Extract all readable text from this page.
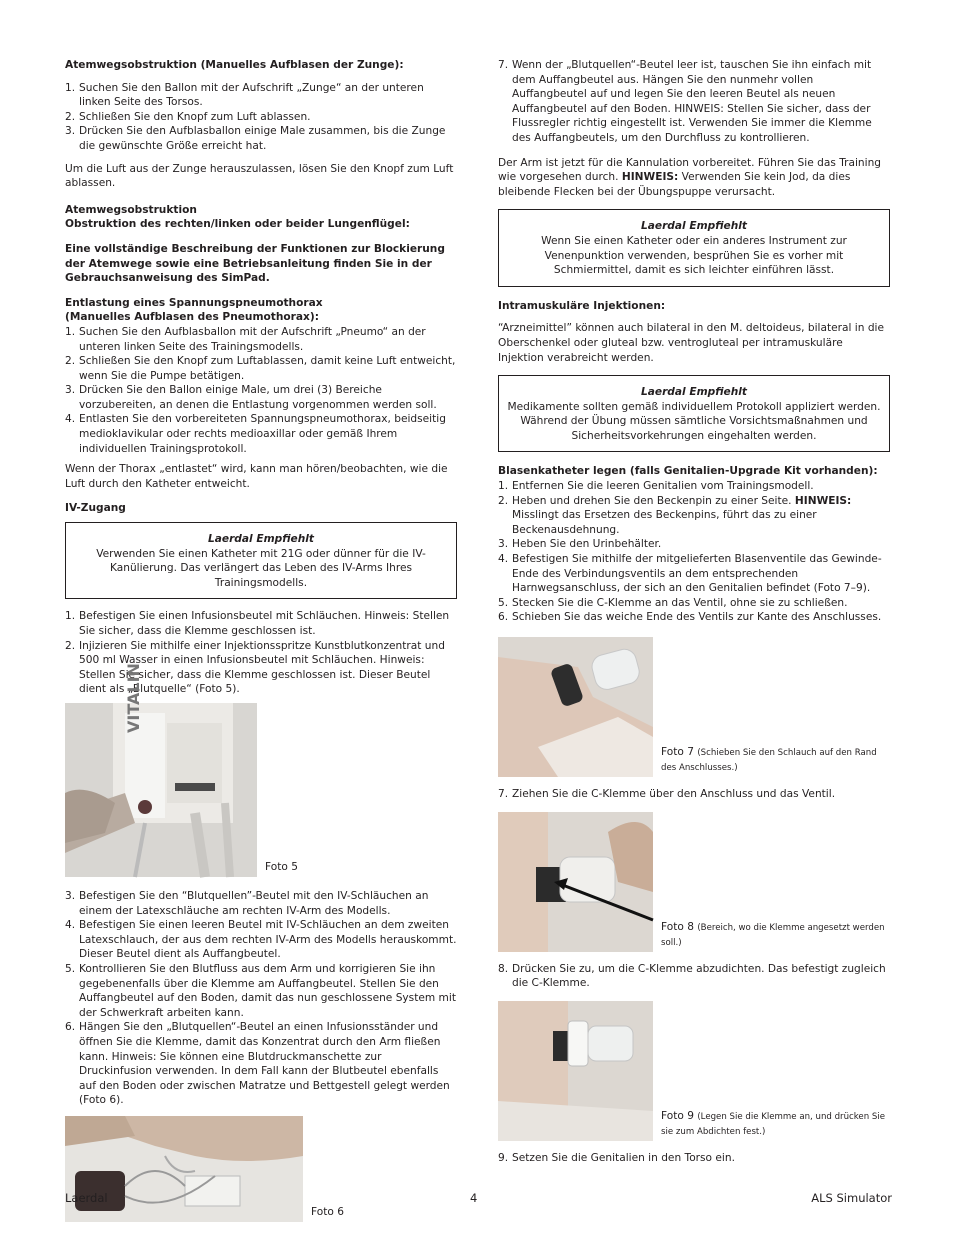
Atemwegsobstruktion (Manuelles Aufblasen der Zunge):

1. Suchen Sie den Ballon mit der Aufschrift „Zunge“ an der unteren linken Seite des Torsos.
2. Schließen Sie den Knopf zum Luft ablassen.
3. Drücken Sie den Aufblasballon einige Male zusammen, bis die Zunge die gewünschte Größe erreicht hat.

Um die Luft aus der Zunge herauszulassen, lösen Sie den Knopf zum Luft ablassen.

Atemwegsobstruktion

Obstruktion des rechten/linken oder beider Lungenflügel:

Eine vollständige Beschreibung der Funktionen zur Blockierung der Atemwege sowie eine Betriebsanleitung finden Sie in der Gebrauchsanweisung des SimPad.

Entlastung eines Spannungspneumothorax

(Manuelles Aufblasen des Pneumothorax):

1. Suchen Sie den Aufblasballon mit der Aufschrift „Pneumo“ an der unteren linken Seite des Trainingsmodells.
2. Schließen Sie den Knopf zum Luftablassen, damit keine Luft entweicht, wenn Sie die Pumpe betätigen.
3. Drücken Sie den Ballon einige Male, um drei (3) Bereiche vorzubereiten, an denen die Entlastung vorgenommen werden soll.
4. Entlasten Sie den vorbereiteten Spannungspneumothorax, beidseitig medioklavikular oder rechts medioaxillar oder gemäß Ihrem individuellen Trainingsprotokoll.

Wenn der Thorax „entlastet“ wird, kann man hören/beobachten, wie die Luft durch den Katheter entweicht.

IV-Zugang

Laerdal Empfiehlt
Verwenden Sie einen Katheter mit 21G oder dünner für die IV-Kanülierung. Das verlängert das Leben des IV-Arms Ihres Trainingsmodells.
1. Befestigen Sie einen Infusionsbeutel mit Schläuchen. Hinweis: Stellen Sie sicher, dass die Klemme geschlossen ist.
2. Injizieren Sie mithilfe einer Injektionsspritze Kunstblutkonzentrat und 500 ml Wasser in einen Infusionsbeutel mit Schläuchen. Hinweis: Stellen Sie sicher, dass die Klemme geschlossen ist. Dieser Beutel dient als „Blutquelle“ (Foto 5).
VITALIN
Foto 5
3. Befestigen Sie den “Blutquellen”-Beutel mit den IV-Schläuchen an einem der Latexschläuche am rechten IV-Arm des Modells.
4. Befestigen Sie einen leeren Beutel mit IV-Schläuchen an dem zweiten Latexschlauch, der aus dem rechten IV-Arm des Modells herauskommt. Dieser Beutel dient als Auffangbeutel.
5. Kontrollieren Sie den Blutfluss aus dem Arm und korrigieren Sie ihn gegebenenfalls über die Klemme am Auffangbeutel. Stellen Sie den Auffangbeutel auf den Boden, damit das nun geschlossene System mit der Schwerkraft arbeiten kann.
6. Hängen Sie den „Blutquellen“-Beutel an einen Infusionsständer und öffnen Sie die Klemme, damit das Konzentrat durch den Arm fließen kann. Hinweis: Sie können eine Blutdruckmanschette zur Druckinfusion verwenden. In dem Fall kann der Blutbeutel ebenfalls auf den Boden oder zwischen Matratze und Bettgestell gelegt werden (Foto 6).
Foto 6
7. Wenn der „Blutquellen“-Beutel leer ist, tauschen Sie ihn einfach mit dem Auffangbeutel aus. Hängen Sie den nunmehr vollen Auffangbeutel auf und legen Sie den leeren Beutel als neuen Auffangbeutel auf den Boden. HINWEIS: Stellen Sie sicher, dass der Flussregler richtig eingestellt ist. Verwenden Sie immer die Klemme des Auffangbeutels, um den Durchfluss zu kontrollieren.

Der Arm ist jetzt für die Kannulation vorbereitet. Führen Sie das Training wie vorgesehen durch. HINWEIS: Verwenden Sie kein Jod, da dies bleibende Flecken bei der Übungspuppe verursacht.

Laerdal Empfiehlt
Wenn Sie einen Katheter oder ein anderes Instrument zur Venenpunktion verwenden, besprühen Sie es vorher mit Schmiermittel, damit es sich leichter einführen lässt.

Intramuskuläre Injektionen:

“Arzneimittel” können auch bilateral in den M. deltoideus, bilateral in die Oberschenkel oder gluteal bzw. ventrogluteal per intramuskuläre Injektion verabreicht werden.

Laerdal Empfiehlt
Medikamente sollten gemäß individuellem Protokoll appliziert werden. Während der Übung müssen sämtliche Vorsichtsmaßnahmen und Sicherheitsvorkehrungen eingehalten werden.

Blasenkatheter legen (falls Genitalien-Upgrade Kit vorhanden):

1. Entfernen Sie die leeren Genitalien vom Trainingsmodell.
2. Heben und drehen Sie den Beckenpin zu einer Seite. HINWEIS: Misslingt das Ersetzen des Beckenpins, führt das zu einer Beckenausdehnung.
3. Heben Sie den Urinbehälter.
4. Befestigen Sie mithilfe der mitgelieferten Blasenventile das Gewinde-Ende des Verbindungsventils an dem entsprechenden Harnwegsanschluss, der sich an den Genitalien befindet (Foto 7–9).
5. Stecken Sie die C-Klemme an das Ventil, ohne sie zu schließen.
6. Schieben Sie das weiche Ende des Ventils zur Kante des Anschlusses.
Foto 7 (Schieben Sie den Schlauch auf den Rand des Anschlusses.)
7. Ziehen Sie die C-Klemme über den Anschluss und das Ventil.
Foto 8 (Bereich, wo die Klemme angesetzt werden soll.)
8. Drücken Sie zu, um die C-Klemme abzudichten. Das befestigt zugleich die C-Klemme.
Foto 9 (Legen Sie die Klemme an, und drücken Sie sie zum Abdichten fest.)
9. Setzen Sie die Genitalien in den Torso ein.
Laerdal	4	ALS Simulator
